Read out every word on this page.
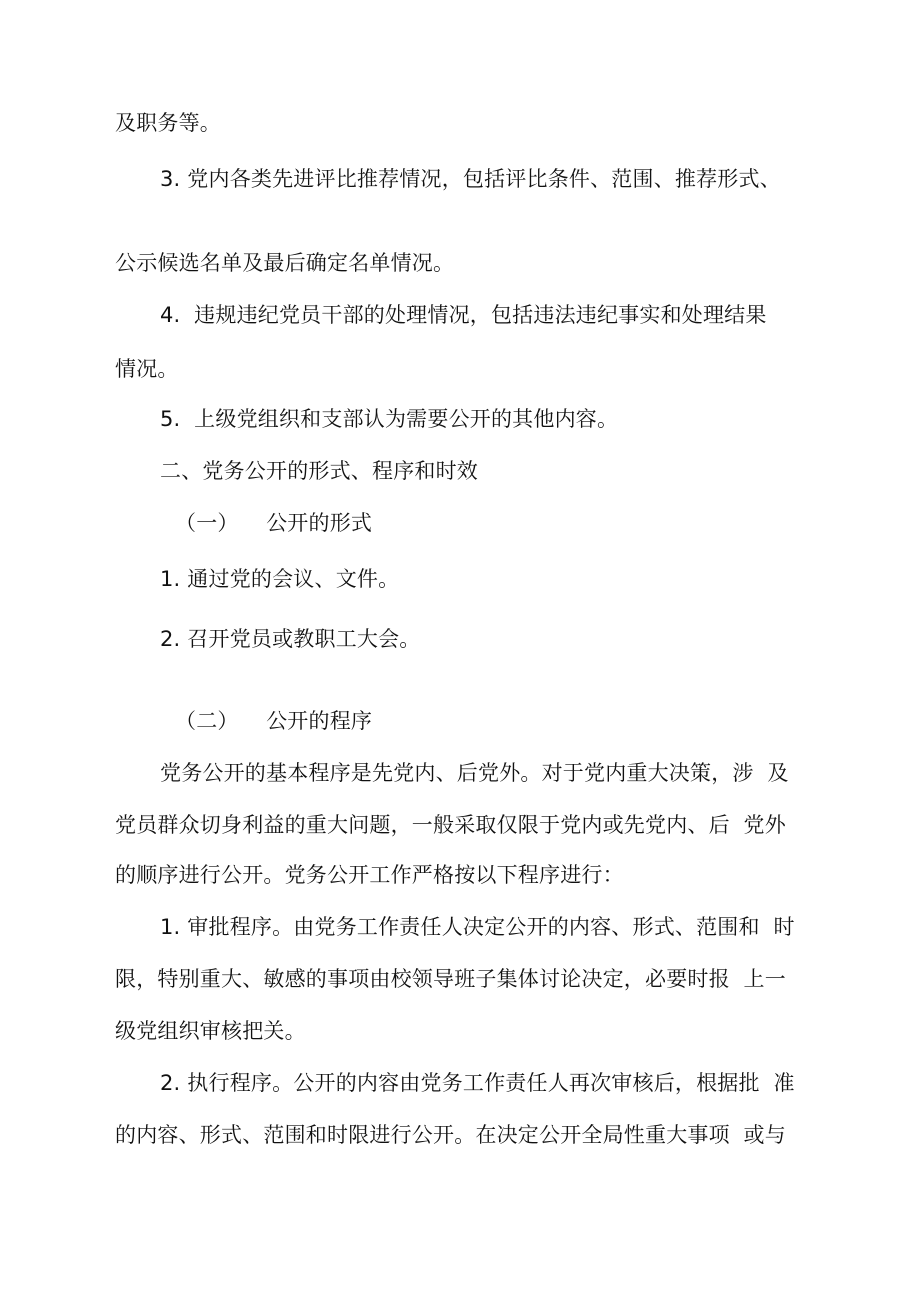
及职务等。
3. 党内各类先进评比推荐情况，包括评比条件、范围、推荐形式、
公示候选名单及最后确定名单情况。
4.  违规违纪党员干部的处理情况，包括违法违纪事实和处理结果
情况。
5.  上级党组织和支部认为需要公开的其他内容。
二、党务公开的形式、程序和时效
（一）    公开的形式
1. 通过党的会议、文件。
2. 召开党员或教职工大会。
（二）    公开的程序
党务公开的基本程序是先党内、后党外。对于党内重大决策，涉  及
党员群众切身利益的重大问题，一般采取仅限于党内或先党内、后  党外
的顺序进行公开。党务公开工作严格按以下程序进行：
1. 审批程序。由党务工作责任人决定公开的内容、形式、范围和  时
限，特别重大、敏感的事项由校领导班子集体讨论决定，必要时报  上一
级党组织审核把关。
2. 执行程序。公开的内容由党务工作责任人再次审核后，根据批  准
的内容、形式、范围和时限进行公开。在决定公开全局性重大事项  或与
